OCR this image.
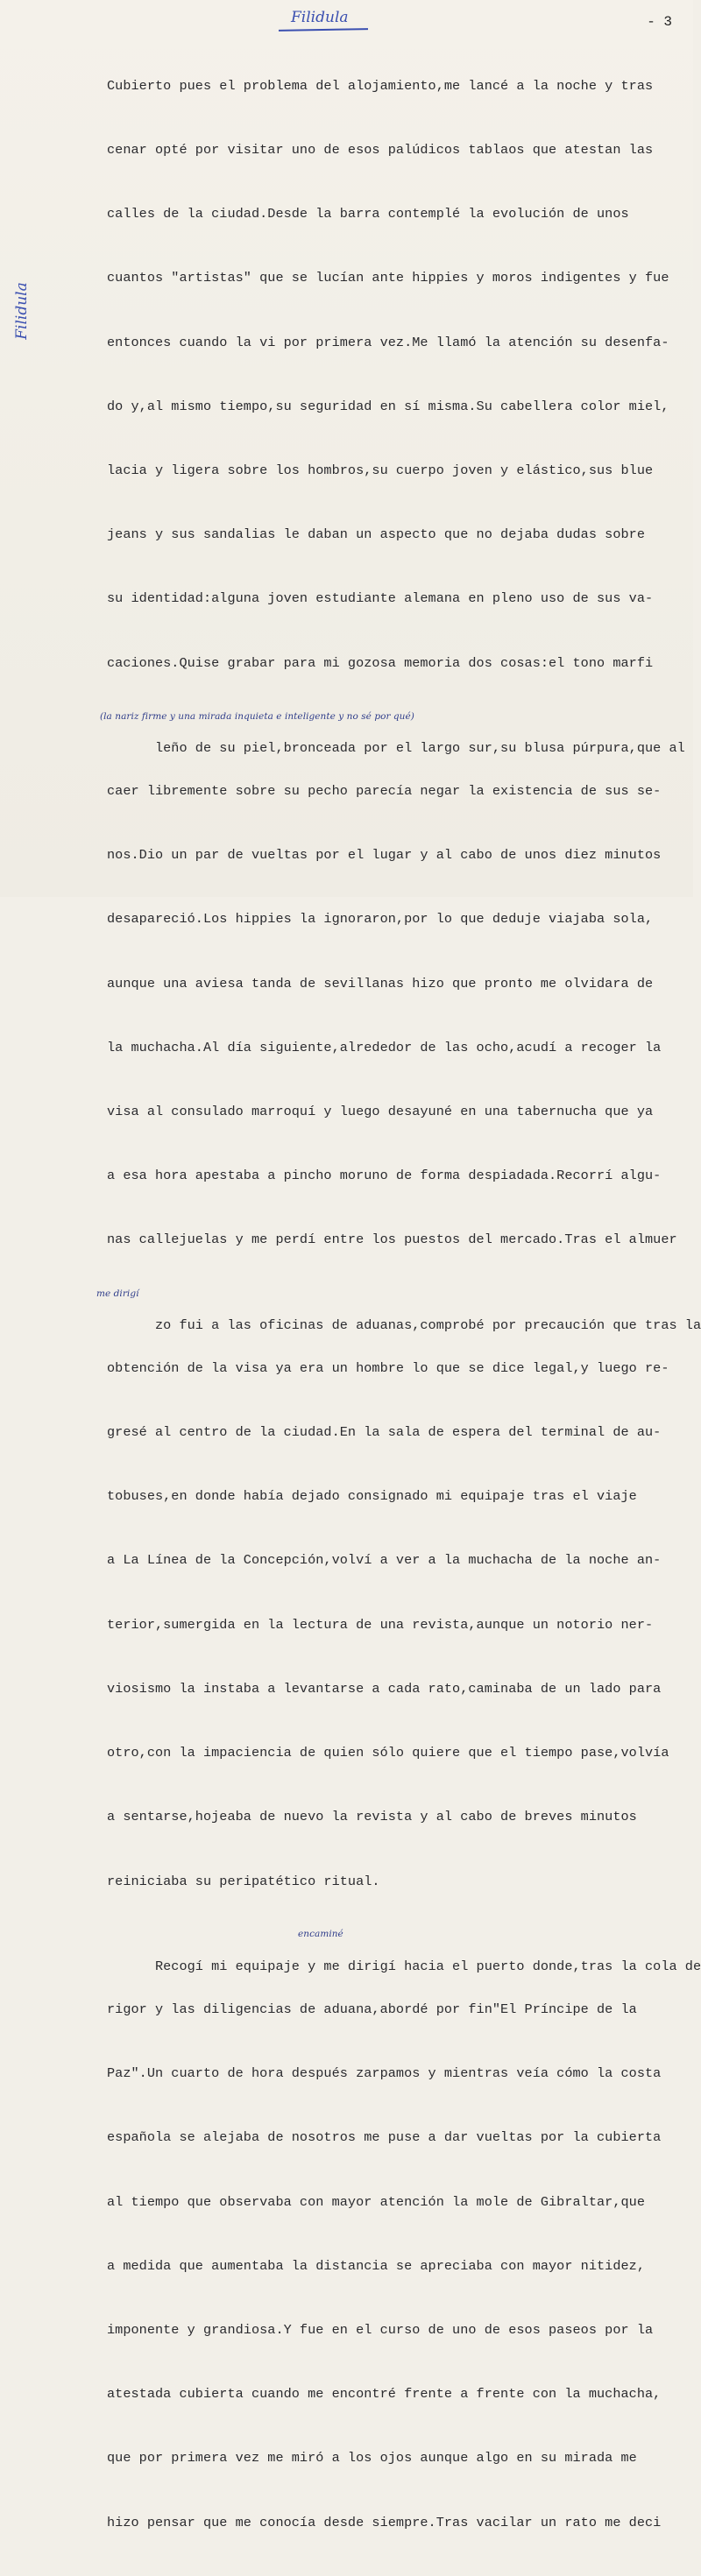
Filidula	- 3
Filidula

Cubierto pues el problema del alojamiento,me lancé a la noche y tras

cenar opté por visitar uno de esos palúdicos tablaos que atestan las

calles de la ciudad.Desde la barra contemplé la evolución de unos

cuantos "artistas" que se lucían ante hippies y moros indigentes y fue

entonces cuando la vi por primera vez.Me llamó la atención su desenfa-

do y,al mismo tiempo,su seguridad en sí misma.Su cabellera color miel,

lacia y ligera sobre los hombros,su cuerpo joven y elástico,sus blue

jeans y sus sandalias le daban un aspecto que no dejaba dudas sobre

su identidad:alguna joven estudiante alemana en pleno uso de sus va-

caciones.Quise grabar para mi gozosa memoria dos cosas:el tono marfi

leño de su piel,bronceada por el largo sur,su blusa púrpura,que al

(la nariz firme y una mirada inquieta e inteligente y no sé por qué)

caer libremente sobre su pecho parecía negar la existencia de sus se-

nos.Dio un par de vueltas por el lugar y al cabo de unos diez minutos

desapareció.Los hippies la ignoraron,por lo que deduje viajaba sola,

aunque una aviesa tanda de sevillanas hizo que pronto me olvidara de

la muchacha.Al día siguiente,alrededor de las ocho,acudí a recoger la

visa al consulado marroquí y luego desayuné en una tabernucha que ya

a esa hora apestaba a pincho moruno de forma despiadada.Recorrí algu-

nas callejuelas y me perdí entre los puestos del mercado.Tras el almuer

zo fui a las oficinas de aduanas,comprobé por precaución que tras la

me dirigí

obtención de la visa ya era un hombre lo que se dice legal,y luego re-

gresé al centro de la ciudad.En la sala de espera del terminal de au-

tobuses,en donde había dejado consignado mi equipaje tras el viaje

a La Línea de la Concepción,volví a ver a la muchacha de la noche an-

terior,sumergida en la lectura de una revista,aunque un notorio ner-

viosismo la instaba a levantarse a cada rato,caminaba de un lado para

otro,con la impaciencia de quien sólo quiere que el tiempo pase,volvía

a sentarse,hojeaba de nuevo la revista y al cabo de breves minutos

reiniciaba su peripatético ritual.

Recogí mi equipaje y me dirigí hacia el puerto donde,tras la cola de

encaminé

rigor y las diligencias de aduana,abordé por fin"El Príncipe de la

Paz".Un cuarto de hora después zarpamos y mientras veía cómo la costa

española se alejaba de nosotros me puse a dar vueltas por la cubierta

al tiempo que observaba con mayor atención la mole de Gibraltar,que

a medida que aumentaba la distancia se apreciaba con mayor nitidez,

imponente y grandiosa.Y fue en el curso de uno de esos paseos por la

atestada cubierta cuando me encontré frente a frente con la muchacha,

que por primera vez me miró a los ojos aunque algo en su mirada me

hizo pensar que me conocía desde siempre.Tras vacilar un rato me deci
